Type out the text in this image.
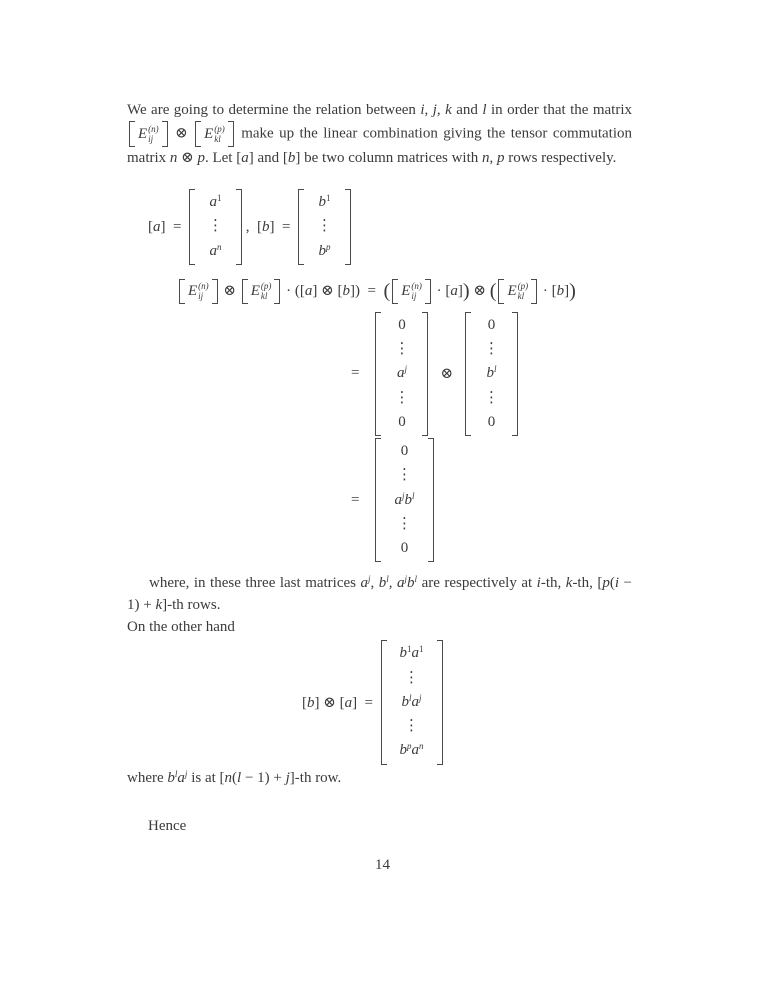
We are going to determine the relation between i, j, k and l in order that the matrix
E (n)
ij ⊗ E (p)
kl make up the linear combination giving the tensor commutation matrix n ⊗ p. Let [a] and [b] be two column matrices with n, p rows respectively.

[a]  =
$a^1$
⋮
$a^n$
,  [b]  =
$b^1$
⋮
$b^p$
E (n)
ij ⊗ E (p)
kl · ([a] ⊗ [b])  =  ( E (n)
ij · [a]) ⊗ ( E (p)
kl · [b])
=
0
⋮
$a^j$
⋮
0
⊗
0
⋮
$b^l$
⋮
0
=
0
⋮
$a^jb^l$
⋮
0

where, in these three last matrices $a^j$, $b^l$, $a^jb^l$ are respectively at i-th, k-th, [p(i − 1) + k]-th rows.

On the other hand

[b] ⊗ [a]  =
$b^1a^1$
⋮
$b^la^j$
⋮
$b^pa^n$

where $b^la^j$ is at [n(l − 1) + j]-th row.

Hence

14
